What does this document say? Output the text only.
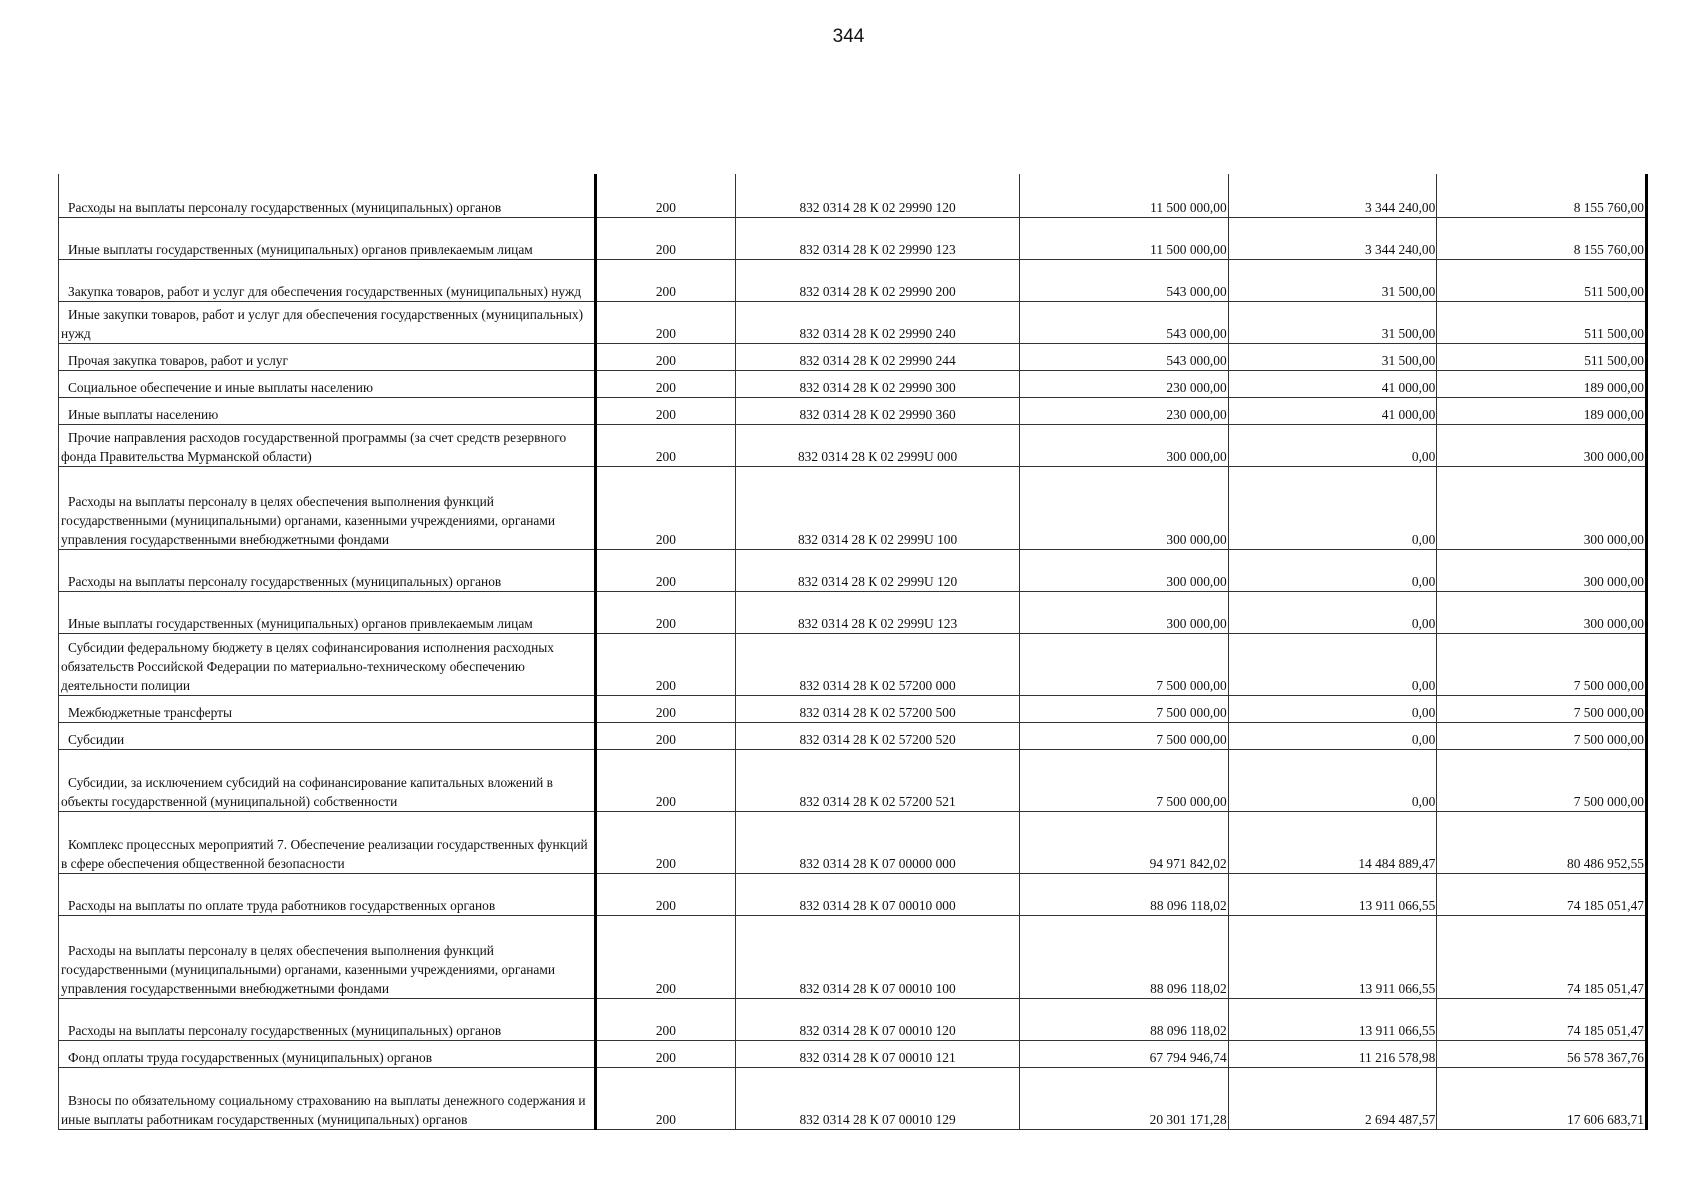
344
Расходы на выплаты персоналу государственных (муниципальных) органов	200	832 0314 28 К 02 29990 120	11 500 000,00	3 344 240,00	8 155 760,00
Иные выплаты государственных (муниципальных) органов привлекаемым лицам	200	832 0314 28 К 02 29990 123	11 500 000,00	3 344 240,00	8 155 760,00
Закупка товаров, работ и услуг для обеспечения государственных (муниципальных) нужд	200	832 0314 28 К 02 29990 200	543 000,00	31 500,00	511 500,00
Иные закупки товаров, работ и услуг для обеспечения государственных (муниципальных) нужд	200	832 0314 28 К 02 29990 240	543 000,00	31 500,00	511 500,00
Прочая закупка товаров, работ и услуг	200	832 0314 28 К 02 29990 244	543 000,00	31 500,00	511 500,00
Социальное обеспечение и иные выплаты населению	200	832 0314 28 К 02 29990 300	230 000,00	41 000,00	189 000,00
Иные выплаты населению	200	832 0314 28 К 02 29990 360	230 000,00	41 000,00	189 000,00
Прочие направления расходов государственной программы (за счет средств резервного фонда Правительства Мурманской области)	200	832 0314 28 К 02 2999U 000	300 000,00	0,00	300 000,00
Расходы на выплаты персоналу в целях обеспечения выполнения функций государственными (муниципальными) органами, казенными учреждениями, органами управления государственными внебюджетными фондами	200	832 0314 28 К 02 2999U 100	300 000,00	0,00	300 000,00
Расходы на выплаты персоналу государственных (муниципальных) органов	200	832 0314 28 К 02 2999U 120	300 000,00	0,00	300 000,00
Иные выплаты государственных (муниципальных) органов привлекаемым лицам	200	832 0314 28 К 02 2999U 123	300 000,00	0,00	300 000,00
Субсидии федеральному бюджету в целях софинансирования исполнения расходных обязательств Российской Федерации по материально-техническому обеспечению деятельности полиции	200	832 0314 28 К 02 57200 000	7 500 000,00	0,00	7 500 000,00
Межбюджетные трансферты	200	832 0314 28 К 02 57200 500	7 500 000,00	0,00	7 500 000,00
Субсидии	200	832 0314 28 К 02 57200 520	7 500 000,00	0,00	7 500 000,00
Субсидии, за исключением субсидий на софинансирование капитальных вложений в объекты государственной (муниципальной) собственности	200	832 0314 28 К 02 57200 521	7 500 000,00	0,00	7 500 000,00
Комплекс процессных мероприятий 7. Обеспечение реализации государственных функций в сфере обеспечения общественной безопасности	200	832 0314 28 К 07 00000 000	94 971 842,02	14 484 889,47	80 486 952,55
Расходы на выплаты по оплате труда работников государственных органов	200	832 0314 28 К 07 00010 000	88 096 118,02	13 911 066,55	74 185 051,47
Расходы на выплаты персоналу в целях обеспечения выполнения функций государственными (муниципальными) органами, казенными учреждениями, органами управления государственными внебюджетными фондами	200	832 0314 28 К 07 00010 100	88 096 118,02	13 911 066,55	74 185 051,47
Расходы на выплаты персоналу государственных (муниципальных) органов	200	832 0314 28 К 07 00010 120	88 096 118,02	13 911 066,55	74 185 051,47
Фонд оплаты труда государственных (муниципальных) органов	200	832 0314 28 К 07 00010 121	67 794 946,74	11 216 578,98	56 578 367,76
Взносы по обязательному социальному страхованию на выплаты денежного содержания и иные выплаты работникам государственных (муниципальных) органов	200	832 0314 28 К 07 00010 129	20 301 171,28	2 694 487,57	17 606 683,71
